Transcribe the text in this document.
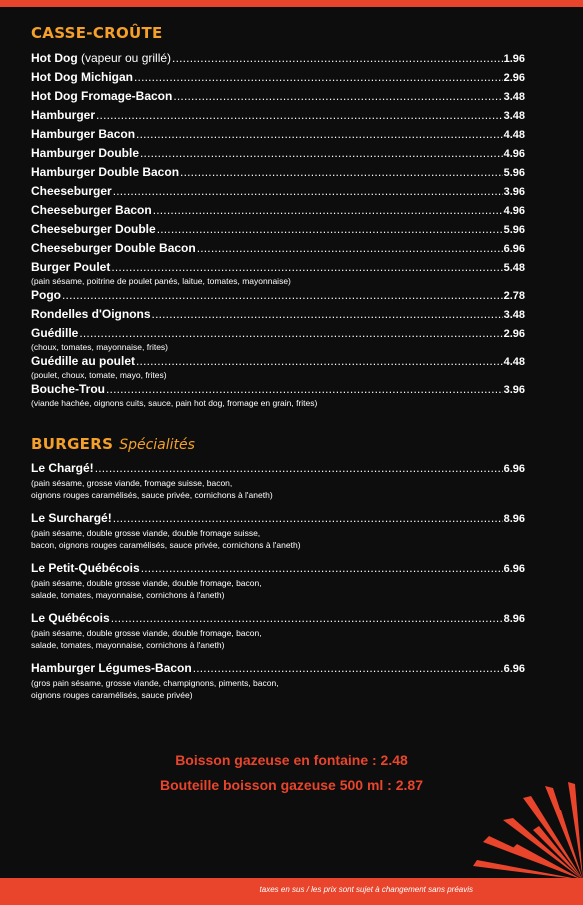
CASSE-CROÛTE
Hot Dog (vapeur ou grillé) .....	1.96
Hot Dog Michigan .....	2.96
Hot Dog Fromage-Bacon .....	3.48
Hamburger .....	3.48
Hamburger Bacon .....	4.48
Hamburger Double .....	4.96
Hamburger Double Bacon .....	5.96
Cheeseburger .....	3.96
Cheeseburger Bacon .....	4.96
Cheeseburger Double .....	5.96
Cheeseburger Double Bacon .....	6.96
Burger Poulet .....	5.48
(pain sésame, poitrine de poulet panés, laitue, tomates, mayonnaise)
Pogo .....	2.78
Rondelles d'Oignons .....	3.48
Guédille .....	2.96
(choux, tomates, mayonnaise, frites)
Guédille au poulet .....	4.48
(poulet, choux, tomate, mayo, frites)
Bouche-Trou .....	3.96
(viande hachée, oignons cuits, sauce, pain hot dog, fromage en grain, frites)
BURGERS Spécialités
Le Chargé! .....	6.96
(pain sésame, grosse viande, fromage suisse, bacon,
oignons rouges caramélisés, sauce privée, cornichons à l'aneth)
Le Surchargé! .....	8.96
(pain sésame, double grosse viande, double fromage suisse,
bacon, oignons rouges caramélisés, sauce privée, cornichons à l'aneth)
Le Petit-Québécois .....	6.96
(pain sésame, double grosse viande, double fromage, bacon,
salade, tomates, mayonnaise, cornichons à l'aneth)
Le Québécois .....	8.96
(pain sésame, double grosse viande, double fromage, bacon,
salade, tomates, mayonnaise, cornichons à l'aneth)
Hamburger Légumes-Bacon .....	6.96
(gros pain sésame, grosse viande, champignons, piments, bacon,
oignons rouges caramélisés, sauce privée)
Boisson gazeuse en fontaine : 2.48
Bouteille boisson gazeuse 500 ml : 2.87
taxes en sus / les prix sont sujet à changement sans préavis
